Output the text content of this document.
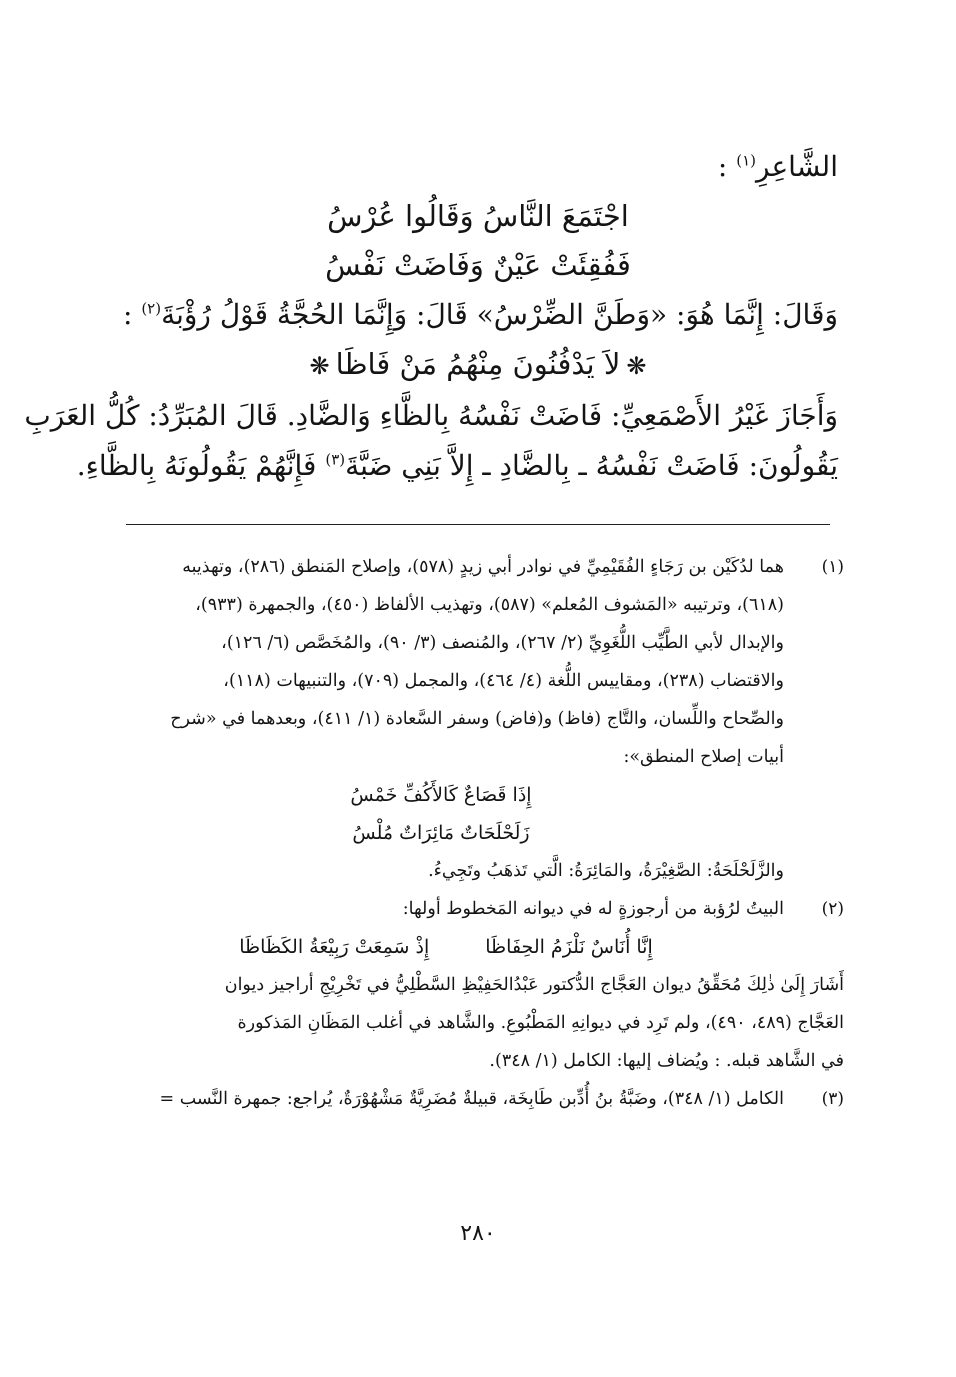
الشَّاعِرِ$^{(١)}$ :
اجْتَمَعَ النَّاسُ وَقَالُوا عُرْسُ
فَفُقِئَتْ عَيْنٌ وَفَاضَتْ نَفْسُ
وَقَالَ: إِنَّمَا هُوَ: «وَطَنَّ الضِّرْسُ» قَالَ: وَإِنَّمَا الحُجَّةُ قَوْلُ رُؤْبَةَ$^{(٢)}$ :
❋لاَ يَدْفُنُونَ مِنْهُمُ مَنْ فَاظَا❋
وَأَجَازَ غَيْرُ الأَصْمَعِيِّ: فَاضَتْ نَفْسُهُ بِالظَّاءِ وَالضَّادِ. قَالَ المُبَرِّدُ: كُلُّ العَرَبِ
يَقُولُونَ: فَاضَتْ نَفْسُهُ ـ بِالضَّادِ ـ إِلاَّ بَنِي ضَبَّةَ$^{(٣)}$ فَإِنَّهُمْ يَقُولُونَهُ بِالظَّاءِ.
(١)
هما لدُكَيْن بن رَجَاءٍ الفُقَيْمِيِّ في نوادر أبي زيدٍ (٥٧٨)، وإصلاح المَنطق (٢٨٦)، وتهذيبه
(٦١٨)، وترتيبه «المَشوف المُعلم» (٥٨٧)، وتهذيب الألفاظ (٤٥٠)، والجمهرة (٩٣٣)،
والإبدال لأبي الطَّيِّب اللُّغَوِيِّ (٢/ ٢٦٧)، والمُنصف (٣/ ٩٠)، والمُخَصَّص (٦/ ١٢٦)،
والاقتضاب (٢٣٨)، ومقاييس اللُّغة (٤/ ٤٦٤)، والمجمل (٧٠٩)، والتنبيهات (١١٨)،
والصِّحاح واللِّسان، والتَّاج (فاظ) و(فاض) وسفر السَّعادة (١/ ٤١١)، وبعدهما في «شرح
أبيات إصلاح المنطق»:
إِذَا قَصَاعٌ كَالأَكُفِّ خَمْسُ
زَلَحْلَحَاتٌ مَائِرَاتٌ مُلْسُ
والزَّلَحْلَحَةُ: الصَّغِيْرَةُ، والمَائِرَةُ: الَّتي تَذهَبُ وتَجِيءُ.
(٢)
البيتُ لرُؤبة من أرجوزةٍ له في ديوانه المَخطوط أولها:
إِنَّا أُنَاسٌ نَلْزَمُ الحِفَاظَا
إِذْ سَمِعَتْ رَبِيْعَةُ الكَظَاظَا
أَشَارَ إِلَىٰ ذٰلِكَ مُحَقِّقُ ديوان العَجَّاج الدُّكتور عَبْدُالحَفِيْظِ السَّطْلِيُّ في تَخْرِيْجِ أراجيز ديوان
العَجَّاج (٤٨٩، ٤٩٠)، ولم تَرِد في ديوانِهِ المَطْبُوعِ. والشَّاهد في أغلب المَظَانِ المَذكورة
في الشَّاهد قبله. : ويُضاف إليها: الكامل (١/ ٣٤٨).
(٣)
الكامل (١/ ٣٤٨)، وضَبَّةُ بنُ أُدِّبن طَابِخَة، قبيلةٌ مُضَرِيَّةٌ مَشْهُوْرَةٌ، يُراجع: جمهرة النَّسب =
٢٨٠
